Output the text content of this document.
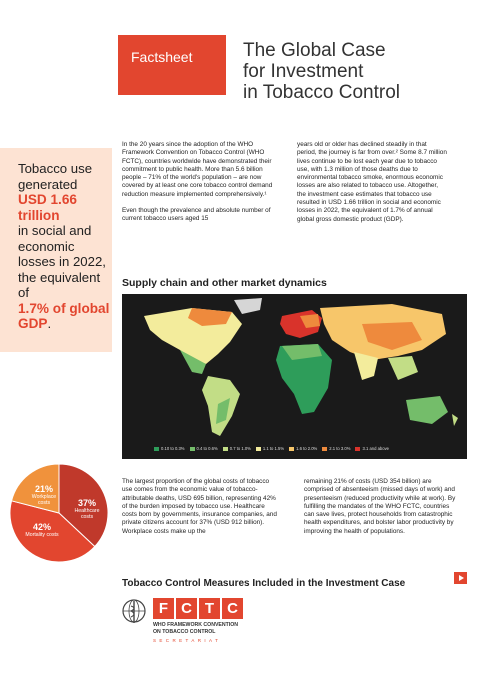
Factsheet	The Global Case
for Investment
in Tobacco Control
Tobacco use generated
USD 1.66 trillion
in social and economic losses in 2022, the equivalent of
1.7% of global GDP.

In the 20 years since the adoption of the WHO Framework Convention on Tobacco Control (WHO FCTC), countries worldwide have demonstrated their commitment to public health. More than 5.6 billion people – 71% of the world's population – are now covered by at least one core tobacco control demand reduction measure implemented comprehensively.¹

Even though the prevalence and absolute number of current tobacco users aged 15

years old or older has declined steadily in that period, the journey is far from over.² Some 8.7 million lives continue to be lost each year due to tobacco use, with 1.3 million of those deaths due to environmental tobacco smoke, enormous economic losses are also related to tobacco use. Altogether, the investment case estimates that tobacco use resulted in USD 1.66 trillion in social and economic losses in 2022, the equivalent of 1.7% of annual global gross domestic product (GDP).

Supply chain and other market dynamics
0.10 to 0.3%	0.4 to 0.6%	0.7 to 1.0%	1.1 to 1.5%	1.6 to 2.0%	2.1 to 3.0%	3.1 and above
37%
Healthcare costs
42%
Mortality costs
21%
Workplace costs

The largest proportion of the global costs of tobacco use comes from the economic value of tobacco-attributable deaths, USD 695 billion, representing 42% of the burden imposed by tobacco use. Healthcare costs born by governments, insurance companies, and private citizens account for 37% (USD 912 billion). Workplace costs make up the

remaining 21% of costs (USD 354 billion) are comprised of absenteeism (missed days of work) and presenteeism (reduced productivity while at work). By fulfilling the mandates of the WHO FCTC, countries can save lives, protect households from catastrophic health expenditures, and bolster labor productivity by improving the health of populations.

Tobacco Control Measures Included in the Investment Case
F C T C
WHO FRAMEWORK CONVENTION
ON TOBACCO CONTROL
SECRETARIAT
